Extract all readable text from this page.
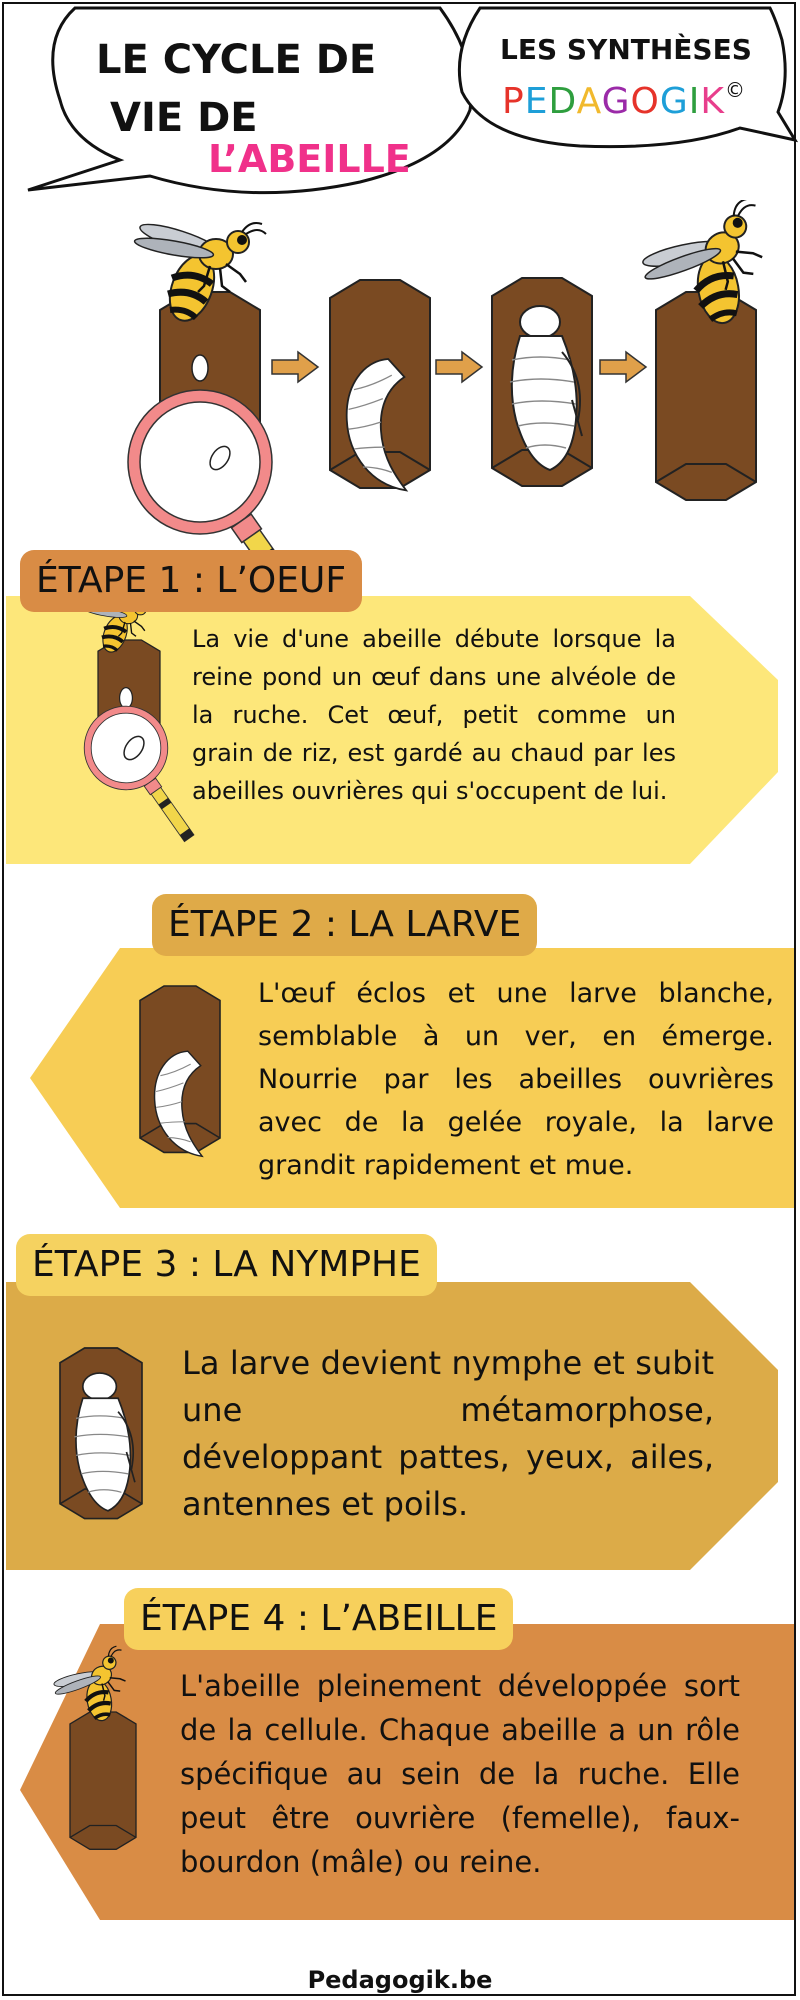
LE CYCLE DE
VIE DE
L’ABEILLE
LES SYNTHÈSES
PEDAGOGIK©
ÉTAPE 1 : L’OEUF
ÉTAPE 2 : LA LARVE
ÉTAPE 3 : LA NYMPHE
ÉTAPE 4 : L’ABEILLE

La vie d'une abeille débute lorsque la reine pond un œuf dans une alvéole de la ruche. Cet œuf, petit comme un grain de riz, est gardé au chaud par les abeilles ouvrières qui s'occupent de lui.

L'œuf éclos et une larve blanche, semblable à un ver, en émerge. Nourrie par les abeilles ouvrières avec de la gelée royale, la larve grandit rapidement et mue.

La larve devient nymphe et subit une métamorphose, développant pattes, yeux, ailes, antennes et poils.

L'abeille pleinement développée sort de la cellule. Chaque abeille a un rôle spécifique au sein de la ruche. Elle peut être ouvrière (femelle), faux-bourdon (mâle) ou reine.

Pedagogik.be
